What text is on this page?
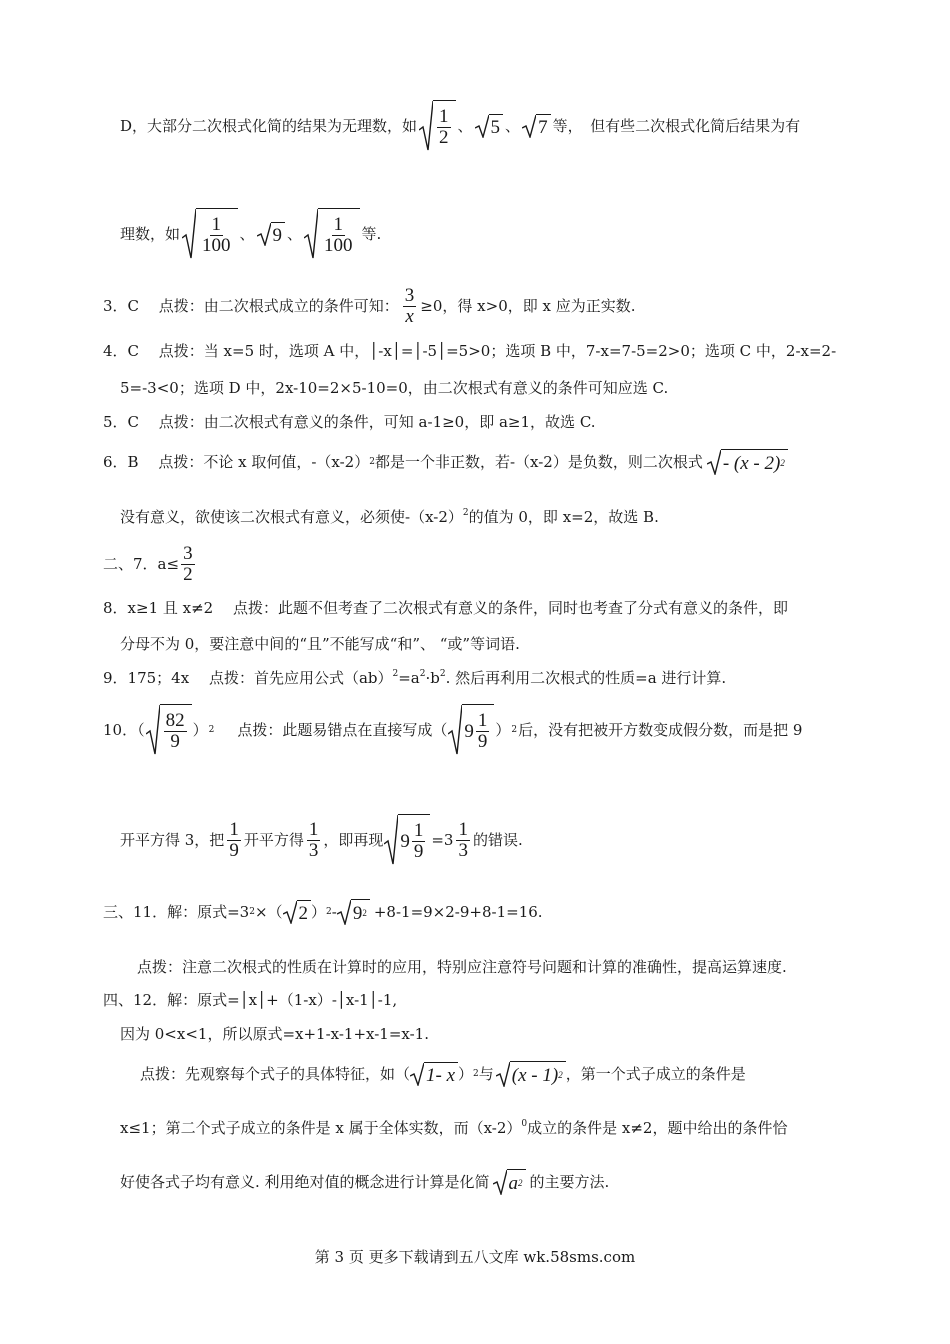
D，大部分二次根式化简的结果为无理数，如 $\frac{1}{2}$ 、 5 、 7 等，　但有些二次根式化简后结果为有
理数，如 $\frac{1}{100}$ 、 9 、 $\frac{1}{100}$ 等.
3．C　 点拨：由二次根式成立的条件可知： $\frac{3}{x} \ge 0$，得 x>0，即 x 应为正实数.
4．C　 点拨：当 x=5 时，选项 A 中，│-x│=│-5│=5>0；选项 B 中，7-x=7-5=2>0；选项 C 中，2-x=2-
5=-3<0；选项 D 中，2x-10=2×5-10=0，由二次根式有意义的条件可知应选 C.
5．C　 点拨：由二次根式有意义的条件，可知 a-1≥0，即 a≥1，故选 C.
6．B　 点拨：不论 x 取何值，-（x-2） 2 都是一个非正数，若-（x-2）是负数，则二次根式 - (x - 2) 2
没有意义，欲使该二次根式有意义，必须使$-(x-2)^2$的值为 0，即 x=2，故选 B.
二、7．$a\le \frac{3}{2}$
8．x≥1 且 x≠2　 点拨：此题不但考查了二次根式有意义的条件，同时也考查了分式有意义的条件，即
分母不为 0，要注意中间的“且”不能写成“和”、 “或”等词语.
9．175；4x　 点拨：首先应用公式$(ab)^2=a^2\cdot b^2$. 然后再利用二次根式的性质=a 进行计算.
10．（ $\frac{82}{9}$ ） 2 点拨：此题易错点在直接写成（ $9 \frac{1}{9}$ ） 2 后，没有把被开方数变成假分数，而是把 9
开平方得 3，把 $\frac{1}{9}$ 开平方得 $\frac{1}{3}$ ，即再现 $9 \frac{1}{9} =3 \frac{1}{3}$ 的错误.
三、11．解：原式=3 2 ×（ 2 ） 2 - 9 2 +8-1=9×2-9+8-1=16.
点拨：注意二次根式的性质在计算时的应用，特别应注意符号问题和计算的准确性，提高运算速度.
四、12．解：原式=│x│+（1-x）-│x-1│-1,
因为 0<x<1，所以原式=x+1-x-1+x-1=x-1.
点拨：先观察每个式子的具体特征，如（ 1- x ） 2 与 (x - 1) 2 ，第一个式子成立的条件是
x≤1；第二个式子成立的条件是 x 属于全体实数，而$(x-2)^0$成立的条件是 x≠2，题中给出的条件恰
好使各式子均有意义. 利用绝对值的概念进行计算是化简 a 2 的主要方法.
第 3 页 更多下载请到五八文库 wk.58sms.com
